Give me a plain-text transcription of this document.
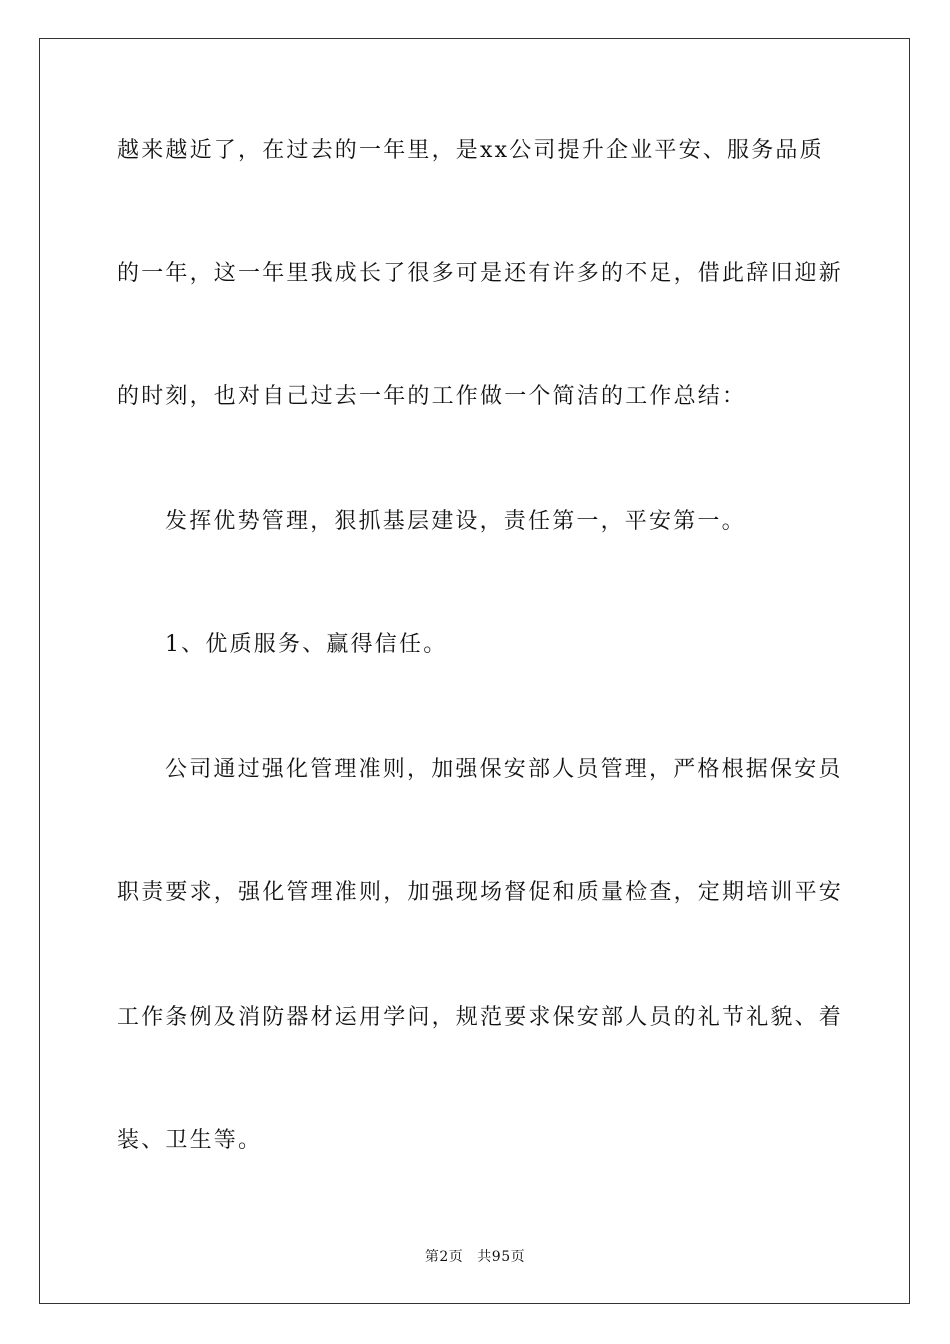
越来越近了，在过去的一年里，是xx公司提升企业平安、服务品质
的一年，这一年里我成长了很多可是还有许多的不足，借此辞旧迎新
的时刻，也对自己过去一年的工作做一个简洁的工作总结：
发挥优势管理，狠抓基层建设，责任第一，平安第一。
1、优质服务、赢得信任。
公司通过强化管理准则，加强保安部人员管理，严格根据保安员
职责要求，强化管理准则，加强现场督促和质量检查，定期培训平安
工作条例及消防器材运用学问，规范要求保安部人员的礼节礼貌、着
装、卫生等。
第2页 共95页
